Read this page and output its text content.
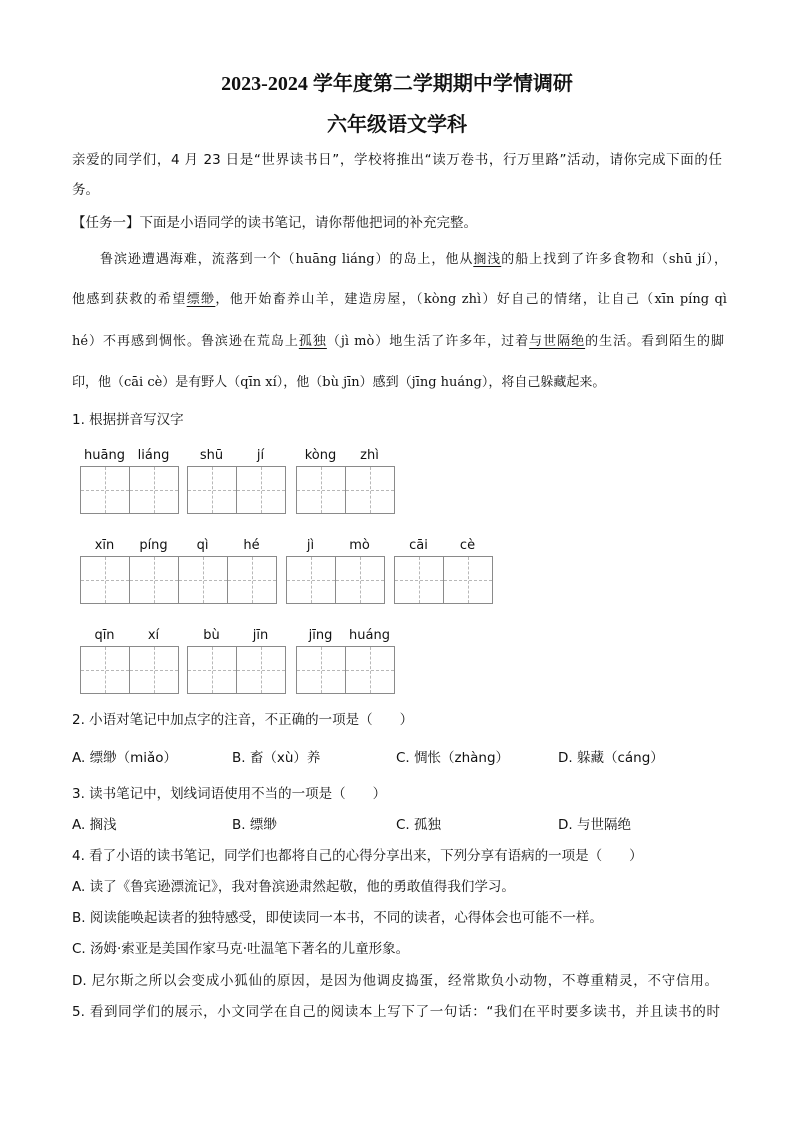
2023-2024 学年度第二学期期中学情调研
六年级语文学科
亲爱的同学们，4 月 23 日是“世界读书日”，学校将推出“读万卷书，行万里路”活动，请你完成下面的任
务。
【任务一】下面是小语同学的读书笔记，请你帮他把词的补充完整。
鲁滨逊遭遇海难，流落到一个（huāng liáng）的岛上，他从搁浅的船上找到了许多食物和（shū jí），
他感到获救的希望缥缈，他开始畜养山羊，建造房屋，（kòng zhì）好自己的情绪，让自己（xīn píng qì
hé）不再感到惆怅。鲁滨逊在荒岛上孤独（jì mò）地生活了许多年，过着与世隔绝的生活。看到陌生的脚
印，他（cāi cè）是有野人（qīn xí），他（bù jīn）感到（jīng huáng），将自己躲藏起来。
1. 根据拼音写汉字
huāng liáng	shū	jí	kòng	zhì
xīn	píng	qì	hé	jì	mò	cāi	cè
qīn	xí	bù	jīn	jīng	huáng
2. 小语对笔记中加点字的注音，不正确的一项是（　　）
A. 缥缈（miǎo）	B. 畜（xù）养	C. 惆怅（zhàng）	D. 躲藏（cáng）
3. 读书笔记中，划线词语使用不当的一项是（　　）
A. 搁浅	B. 缥缈	C. 孤独	D. 与世隔绝
4. 看了小语的读书笔记，同学们也都将自己的心得分享出来，下列分享有语病的一项是（　　）
A. 读了《鲁宾逊漂流记》，我对鲁滨逊肃然起敬，他的勇敢值得我们学习。
B. 阅读能唤起读者的独特感受，即使读同一本书，不同的读者，心得体会也可能不一样。
C. 汤姆·索亚是美国作家马克·吐温笔下著名的儿童形象。
D. 尼尔斯之所以会变成小狐仙的原因，是因为他调皮捣蛋，经常欺负小动物，不尊重精灵，不守信用。
5. 看到同学们的展示，小文同学在自己的阅读本上写下了一句话：“我们在平时要多读书，并且读书的时
